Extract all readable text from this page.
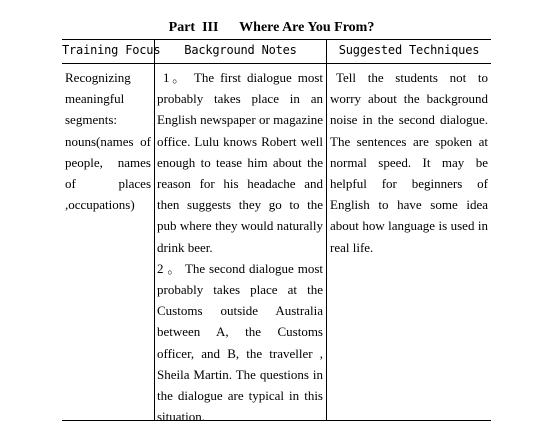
Part  III      Where Are You From?
Training Focus	Background Notes	Suggested Techniques
Recognizing meaningful segments: nouns(names of people, names of places ,occupations)
1。 The first dialogue most probably takes place in an English newspaper or magazine office. Lulu knows Robert well enough to tease him about the reason for his headache and then suggests they go to the pub where they would naturally drink beer.
2 。 The second dialogue most probably takes place at the Customs outside Australia between A, the Customs officer, and B, the traveller , Sheila Martin. The questions in the dialogue are typical in this situation.
Tell the students not to worry about the background noise in the second dialogue. The sentences are spoken at normal speed. It may be helpful for beginners of English to have some idea about how language is used in real life.
